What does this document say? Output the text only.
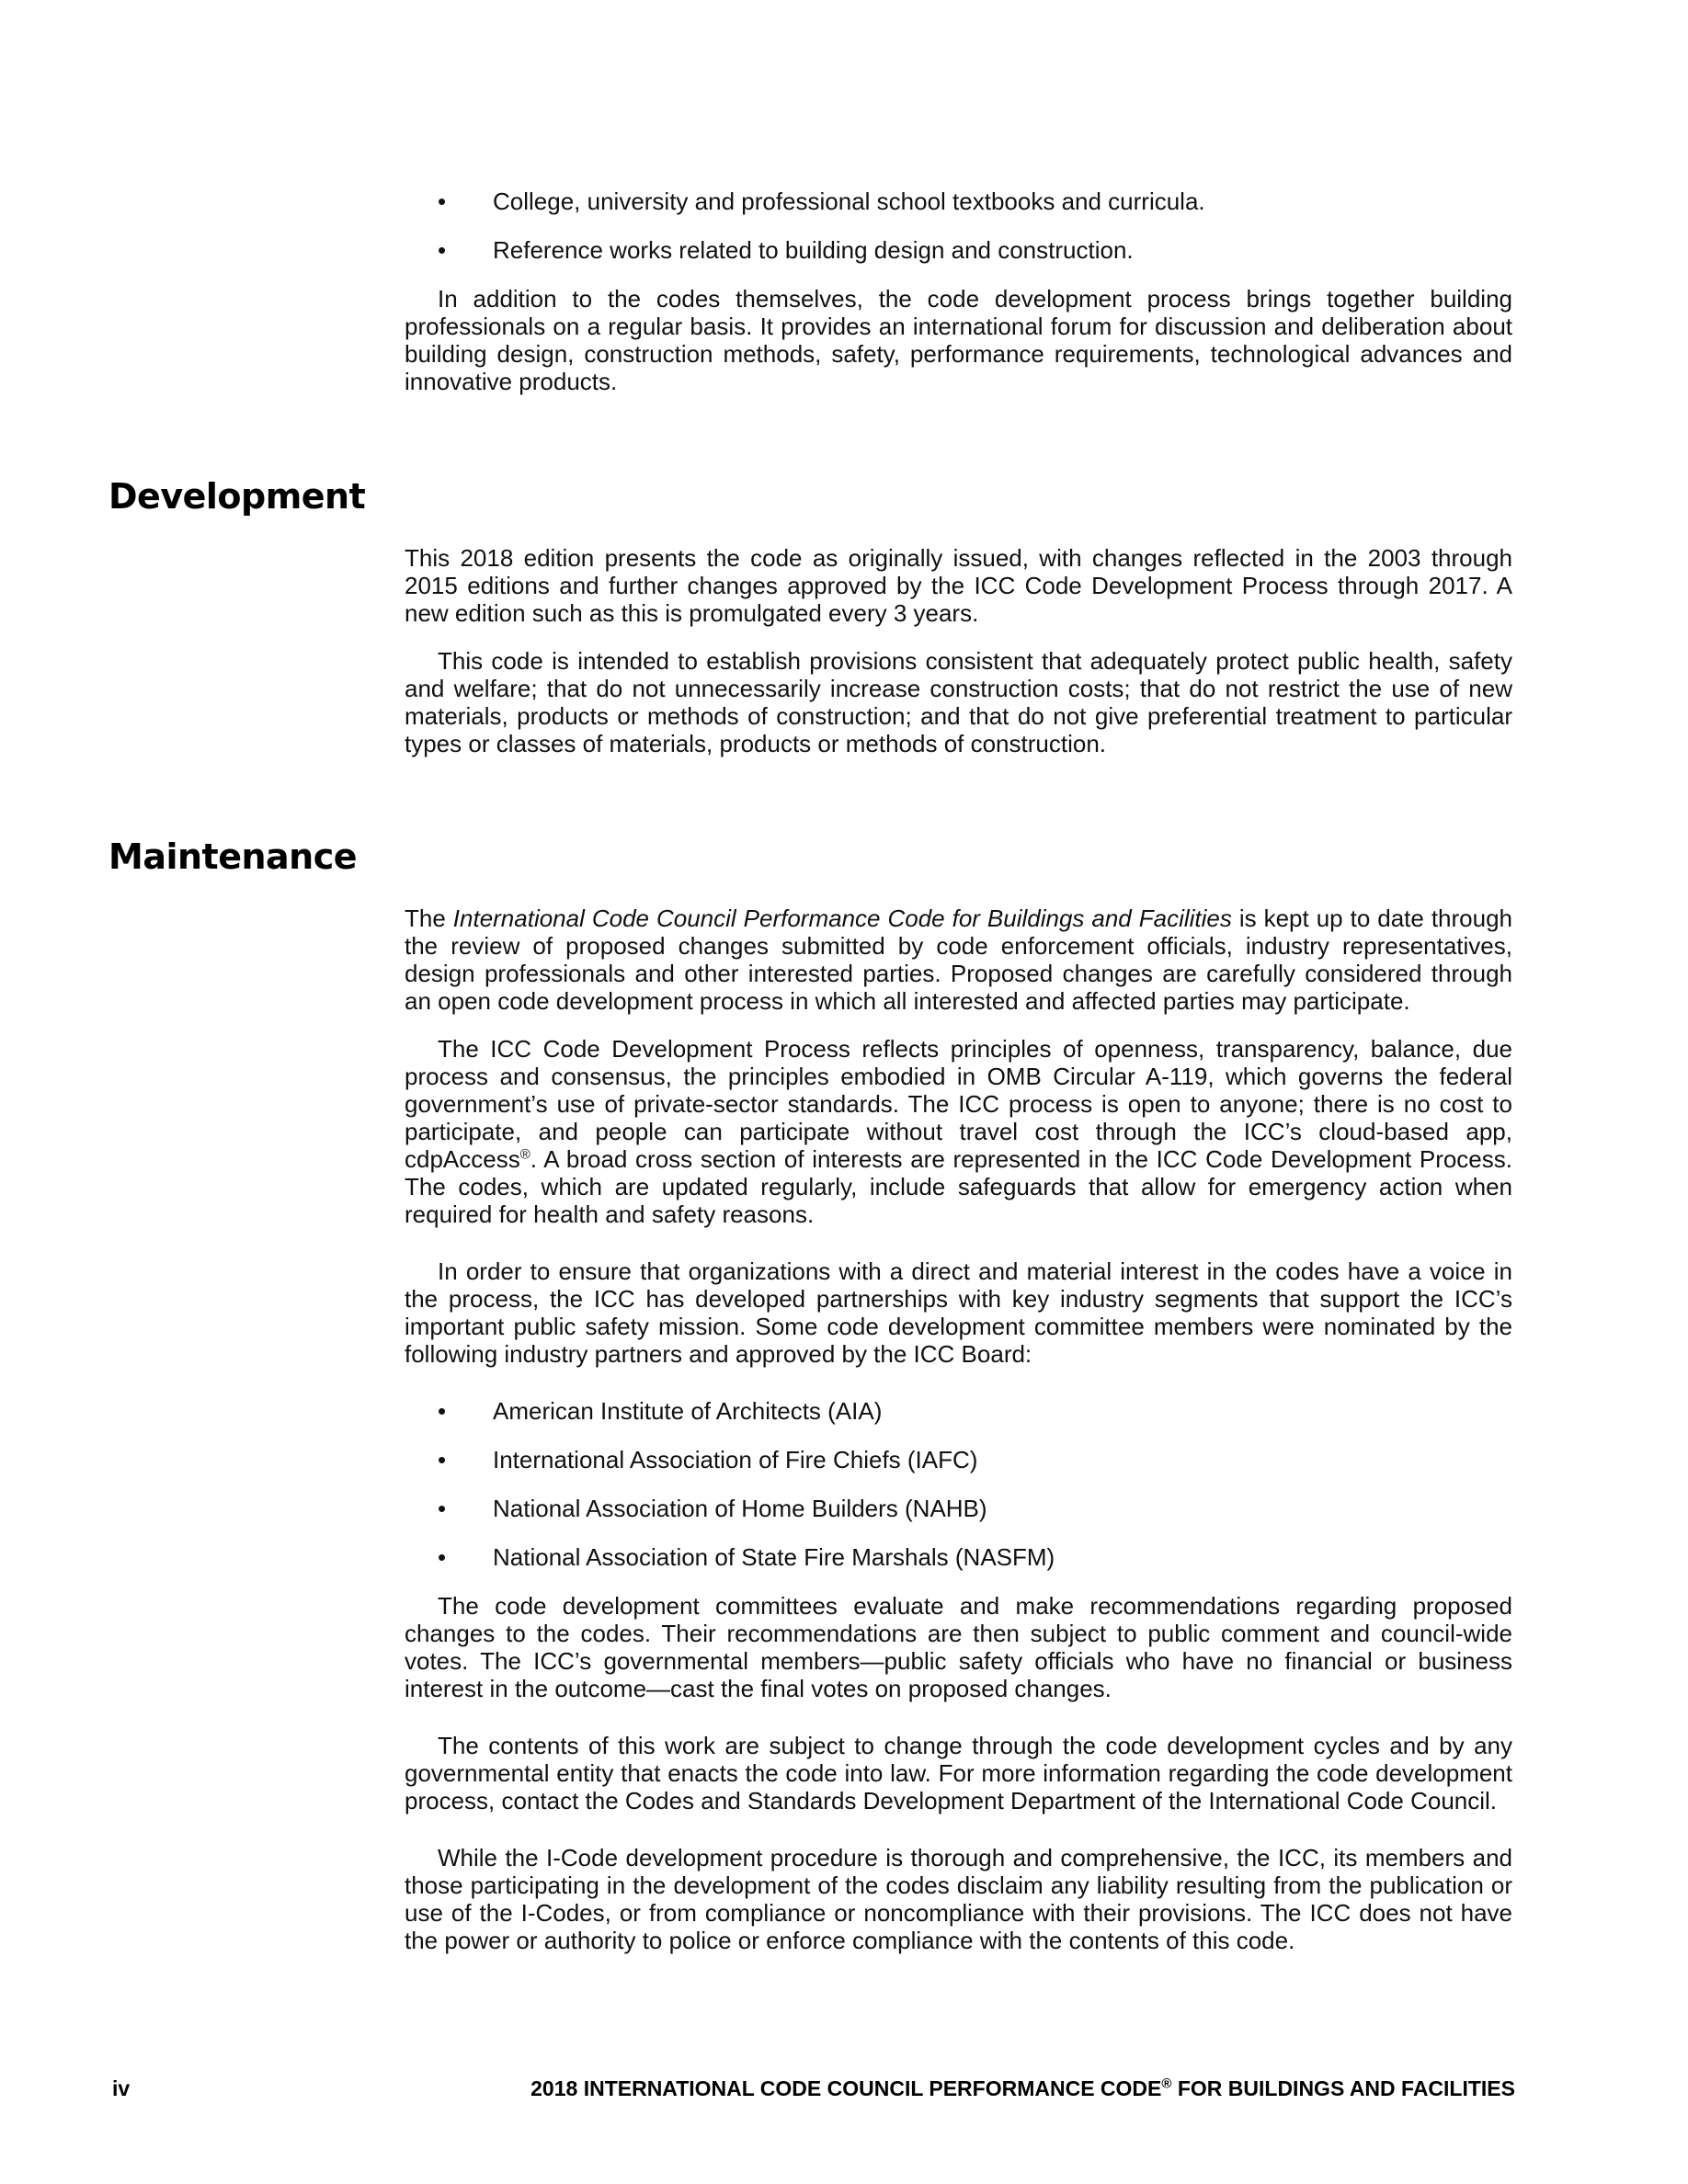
• College, university and professional school textbooks and curricula.
• Reference works related to building design and construction.

In addition to the codes themselves, the code development process brings together building professionals on a regular basis. It provides an international forum for discussion and deliberation about building design, construction methods, safety, performance requirements, technological advances and innovative products.

Development

This 2018 edition presents the code as originally issued, with changes reflected in the 2003 through 2015 editions and further changes approved by the ICC Code Development Process through 2017. A new edition such as this is promulgated every 3 years.

This code is intended to establish provisions consistent that adequately protect public health, safety and welfare; that do not unnecessarily increase construction costs; that do not restrict the use of new materials, products or methods of construction; and that do not give preferential treatment to particular types or classes of materials, products or methods of construction.

Maintenance

The International Code Council Performance Code for Buildings and Facilities is kept up to date through the review of proposed changes submitted by code enforcement officials, industry representatives, design professionals and other interested parties. Proposed changes are carefully considered through an open code development process in which all interested and affected parties may participate.

The ICC Code Development Process reflects principles of openness, transparency, balance, due process and consensus, the principles embodied in OMB Circular A-119, which governs the federal government’s use of private-sector standards. The ICC process is open to anyone; there is no cost to participate, and people can participate without travel cost through the ICC’s cloud-based app, cdpAccess®. A broad cross section of interests are represented in the ICC Code Development Process. The codes, which are updated regularly, include safeguards that allow for emergency action when required for health and safety reasons.

In order to ensure that organizations with a direct and material interest in the codes have a voice in the process, the ICC has developed partnerships with key industry segments that support the ICC’s important public safety mission. Some code development committee members were nominated by the following industry partners and approved by the ICC Board:

• American Institute of Architects (AIA)
• International Association of Fire Chiefs (IAFC)
• National Association of Home Builders (NAHB)
• National Association of State Fire Marshals (NASFM)

The code development committees evaluate and make recommendations regarding proposed changes to the codes. Their recommendations are then subject to public comment and council-wide votes. The ICC’s governmental members—public safety officials who have no financial or business interest in the outcome—cast the final votes on proposed changes.

The contents of this work are subject to change through the code development cycles and by any governmental entity that enacts the code into law. For more information regarding the code development process, contact the Codes and Standards Development Department of the International Code Council.

While the I-Code development procedure is thorough and comprehensive, the ICC, its members and those participating in the development of the codes disclaim any liability resulting from the publication or use of the I-Codes, or from compliance or noncompliance with their provisions. The ICC does not have the power or authority to police or enforce compliance with the contents of this code.

iv	2018 INTERNATIONAL CODE COUNCIL PERFORMANCE CODE® FOR BUILDINGS AND FACILITIES
